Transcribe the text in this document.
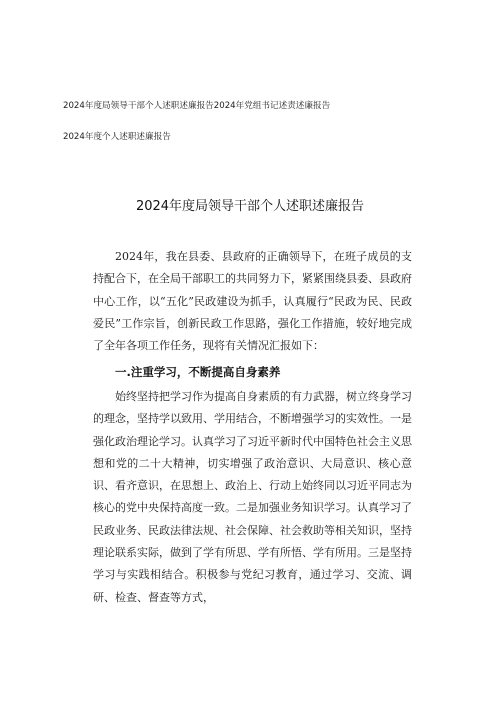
2024年度局领导干部个人述职述廉报告2024年党组书记述责述廉报告
2024年度个人述职述廉报告
2024年度局领导干部个人述职述廉报告

2024年，我在县委、县政府的正确领导下，在班子成员的支持配合下，在全局干部职工的共同努力下，紧紧围绕县委、县政府中心工作，以“五化”民政建设为抓手，认真履行“民政为民、民政爱民”工作宗旨，创新民政工作思路，强化工作措施，较好地完成了全年各项工作任务，现将有关情况汇报如下：

一.注重学习，不断提高自身素养

始终坚持把学习作为提高自身素质的有力武器，树立终身学习的理念，坚持学以致用、学用结合，不断增强学习的实效性。一是强化政治理论学习。认真学习了习近平新时代中国特色社会主义思想和党的二十大精神，切实增强了政治意识、大局意识、核心意识、看齐意识，在思想上、政治上、行动上始终同以习近平同志为核心的党中央保持高度一致。二是加强业务知识学习。认真学习了民政业务、民政法律法规、社会保障、社会救助等相关知识，坚持理论联系实际，做到了学有所思、学有所悟、学有所用。三是坚持学习与实践相结合。积极参与党纪习教育，通过学习、交流、调研、检查、督查等方式，
